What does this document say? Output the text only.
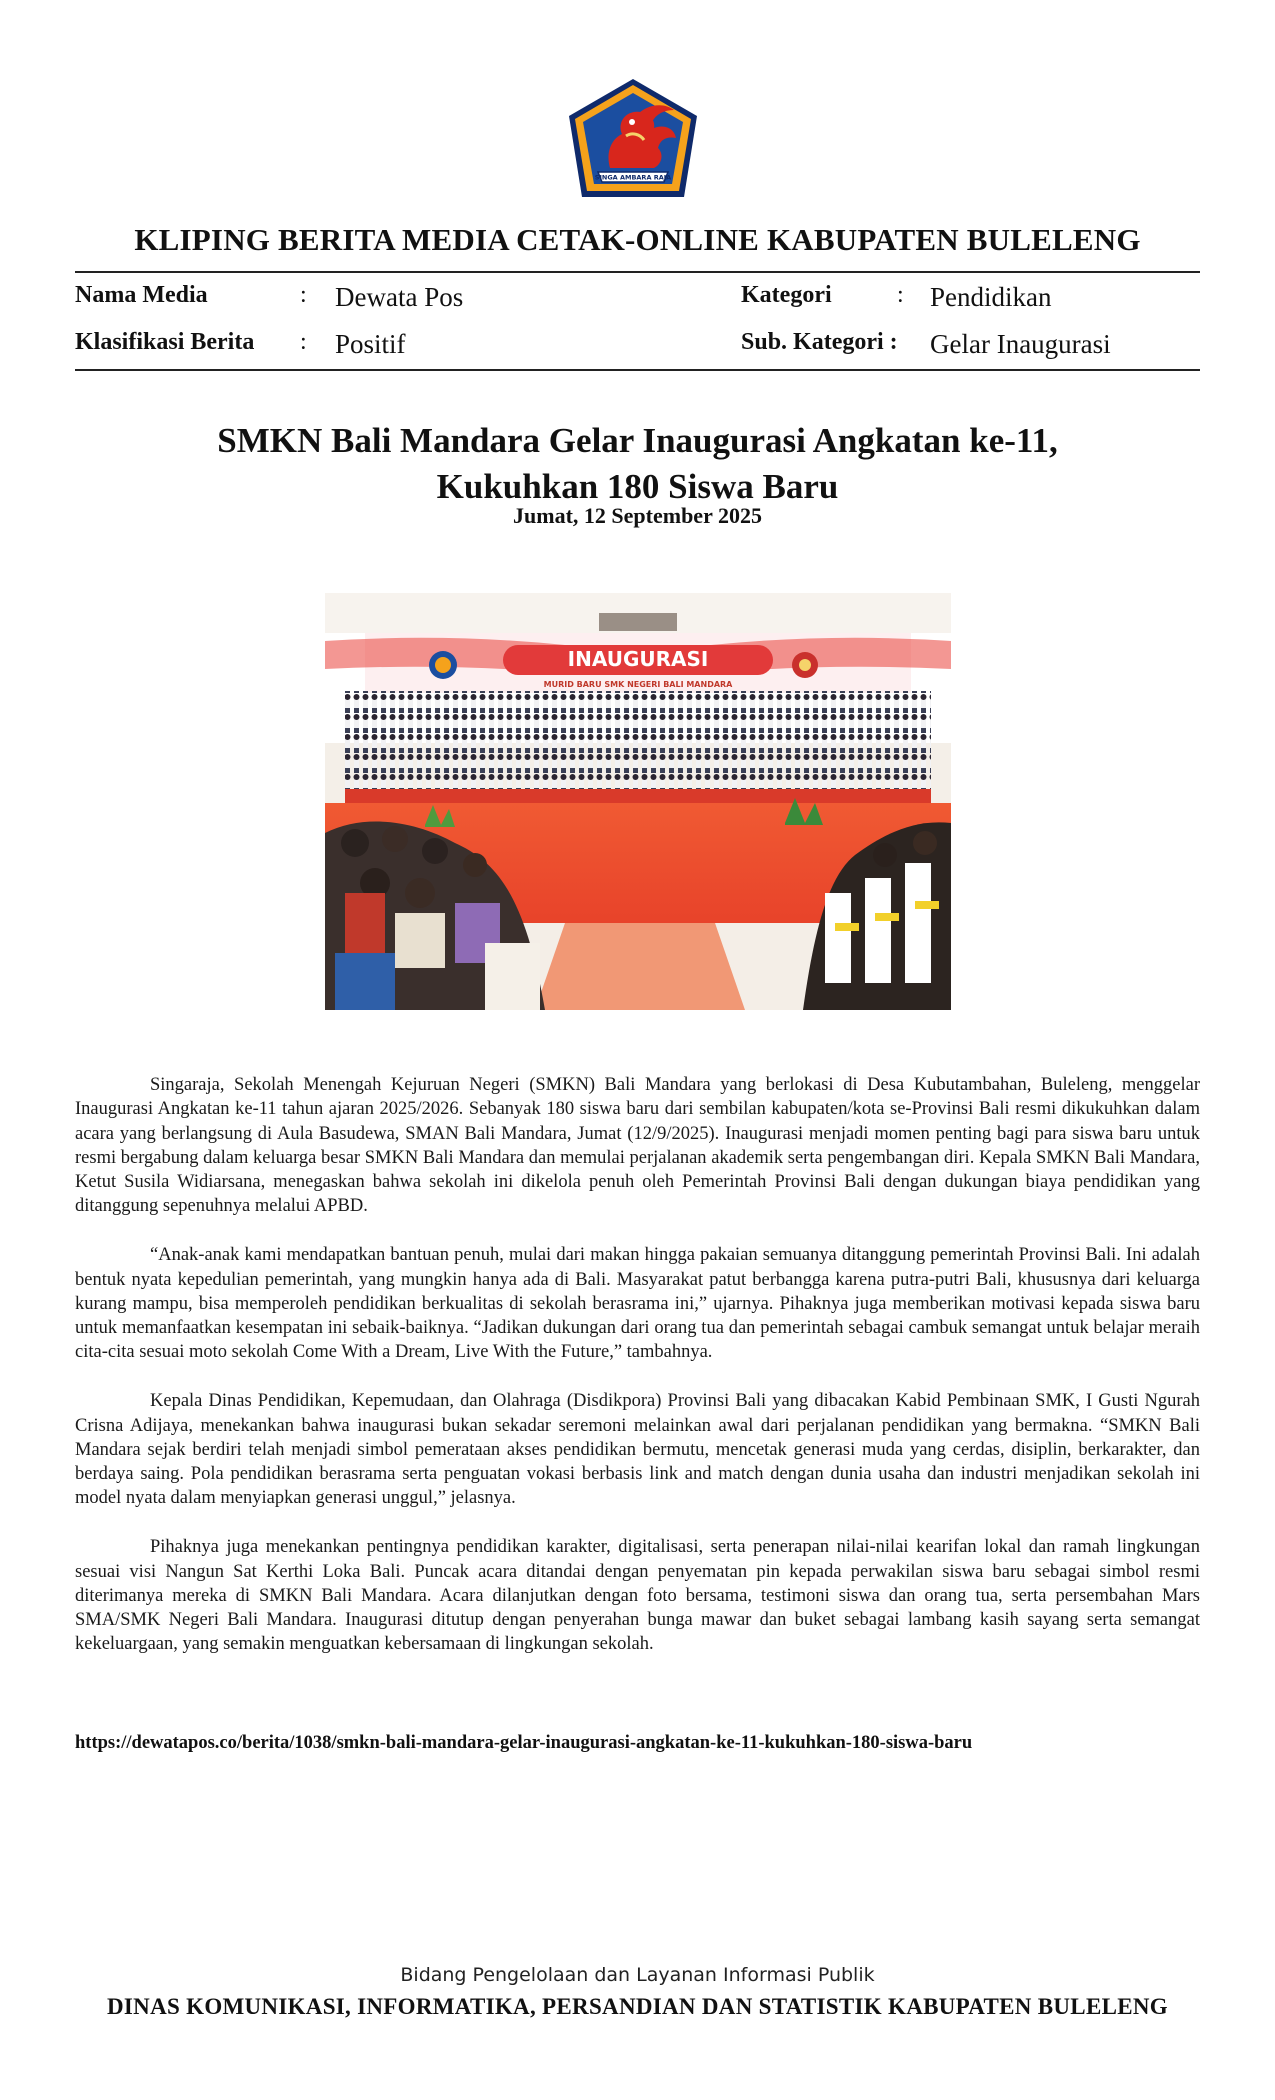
SINGA AMBARA RAJA
KLIPING BERITA MEDIA CETAK-ONLINE KABUPATEN BULELENG
Nama Media	: Dewata Pos	Kategori	: Pendidikan
Klasifikasi Berita : Positif	Sub. Kategori : Gelar Inaugurasi
SMKN Bali Mandara Gelar Inaugurasi Angkatan ke-11,
Kukuhkan 180 Siswa Baru
Jumat, 12 September 2025
INAUGURASI
MURID BARU SMK NEGERI BALI MANDARA

Singaraja, Sekolah Menengah Kejuruan Negeri (SMKN) Bali Mandara yang berlokasi di Desa Kubutambahan, Buleleng, menggelar Inaugurasi Angkatan ke-11 tahun ajaran 2025/2026. Sebanyak 180 siswa baru dari sembilan kabupaten/kota se-Provinsi Bali resmi dikukuhkan dalam acara yang berlangsung di Aula Basudewa, SMAN Bali Mandara, Jumat (12/9/2025). Inaugurasi menjadi momen penting bagi para siswa baru untuk resmi bergabung dalam keluarga besar SMKN Bali Mandara dan memulai perjalanan akademik serta pengembangan diri. Kepala SMKN Bali Mandara, Ketut Susila Widiarsana, menegaskan bahwa sekolah ini dikelola penuh oleh Pemerintah Provinsi Bali dengan dukungan biaya pendidikan yang ditanggung sepenuhnya melalui APBD.

“Anak-anak kami mendapatkan bantuan penuh, mulai dari makan hingga pakaian semuanya ditanggung pemerintah Provinsi Bali. Ini adalah bentuk nyata kepedulian pemerintah, yang mungkin hanya ada di Bali. Masyarakat patut berbangga karena putra-putri Bali, khususnya dari keluarga kurang mampu, bisa memperoleh pendidikan berkualitas di sekolah berasrama ini,” ujarnya. Pihaknya juga memberikan motivasi kepada siswa baru untuk memanfaatkan kesempatan ini sebaik-baiknya. “Jadikan dukungan dari orang tua dan pemerintah sebagai cambuk semangat untuk belajar meraih cita-cita sesuai moto sekolah Come With a Dream, Live With the Future,” tambahnya.

Kepala Dinas Pendidikan, Kepemudaan, dan Olahraga (Disdikpora) Provinsi Bali yang dibacakan Kabid Pembinaan SMK, I Gusti Ngurah Crisna Adijaya, menekankan bahwa inaugurasi bukan sekadar seremoni melainkan awal dari perjalanan pendidikan yang bermakna. “SMKN Bali Mandara sejak berdiri telah menjadi simbol pemerataan akses pendidikan bermutu, mencetak generasi muda yang cerdas, disiplin, berkarakter, dan berdaya saing. Pola pendidikan berasrama serta penguatan vokasi berbasis link and match dengan dunia usaha dan industri menjadikan sekolah ini model nyata dalam menyiapkan generasi unggul,” jelasnya.

Pihaknya juga menekankan pentingnya pendidikan karakter, digitalisasi, serta penerapan nilai-nilai kearifan lokal dan ramah lingkungan sesuai visi Nangun Sat Kerthi Loka Bali. Puncak acara ditandai dengan penyematan pin kepada perwakilan siswa baru sebagai simbol resmi diterimanya mereka di SMKN Bali Mandara. Acara dilanjutkan dengan foto bersama, testimoni siswa dan orang tua, serta persembahan Mars SMA/SMK Negeri Bali Mandara. Inaugurasi ditutup dengan penyerahan bunga mawar dan buket sebagai lambang kasih sayang serta semangat kekeluargaan, yang semakin menguatkan kebersamaan di lingkungan sekolah.

https://dewatapos.co/berita/1038/smkn-bali-mandara-gelar-inaugurasi-angkatan-ke-11-kukuhkan-180-siswa-baru
Bidang Pengelolaan dan Layanan Informasi Publik
DINAS KOMUNIKASI, INFORMATIKA, PERSANDIAN DAN STATISTIK KABUPATEN BULELENG
